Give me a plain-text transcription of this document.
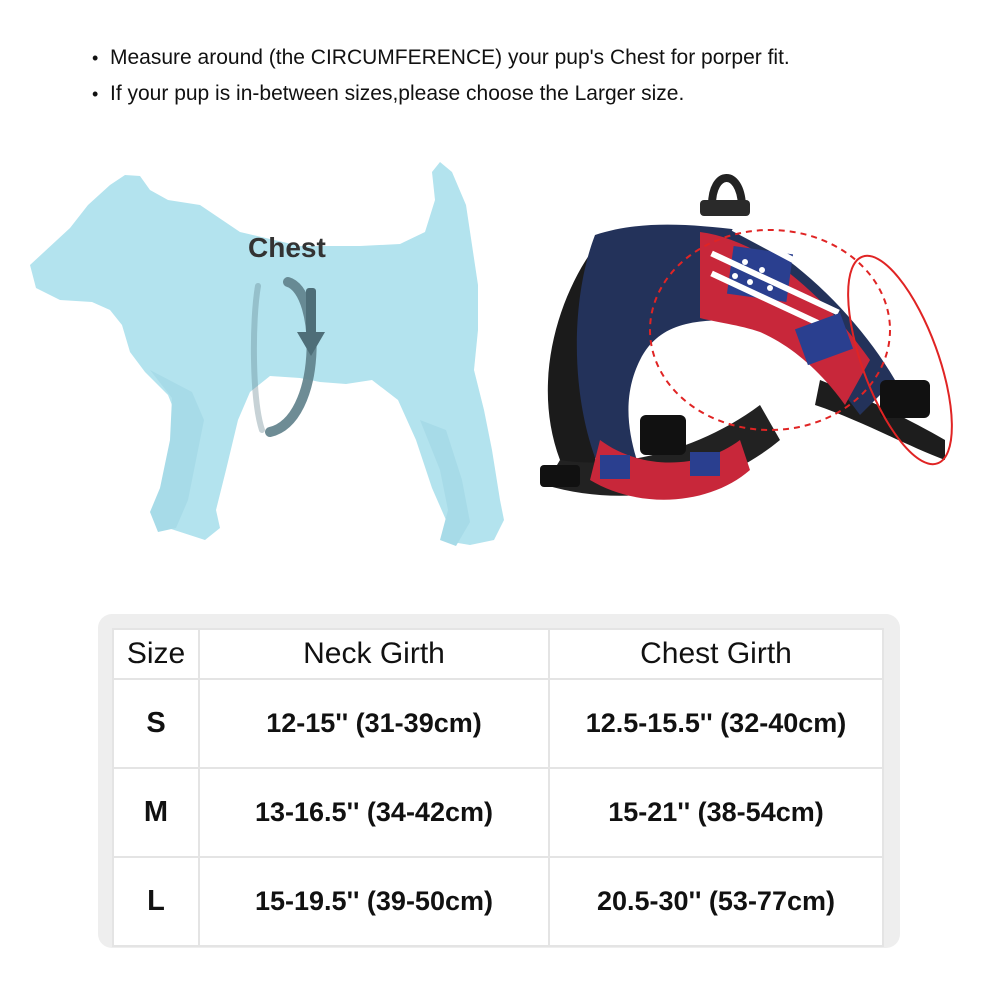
• Measure around (the CIRCUMFERENCE) your pup's Chest for porper fit.
• If your pup is in-between sizes,please choose the Larger size.
Chest
Size	Neck Girth	Chest Girth
S	12-15'' (31-39cm)	12.5-15.5'' (32-40cm)
M	13-16.5'' (34-42cm)	15-21'' (38-54cm)
L	15-19.5'' (39-50cm)	20.5-30'' (53-77cm)
